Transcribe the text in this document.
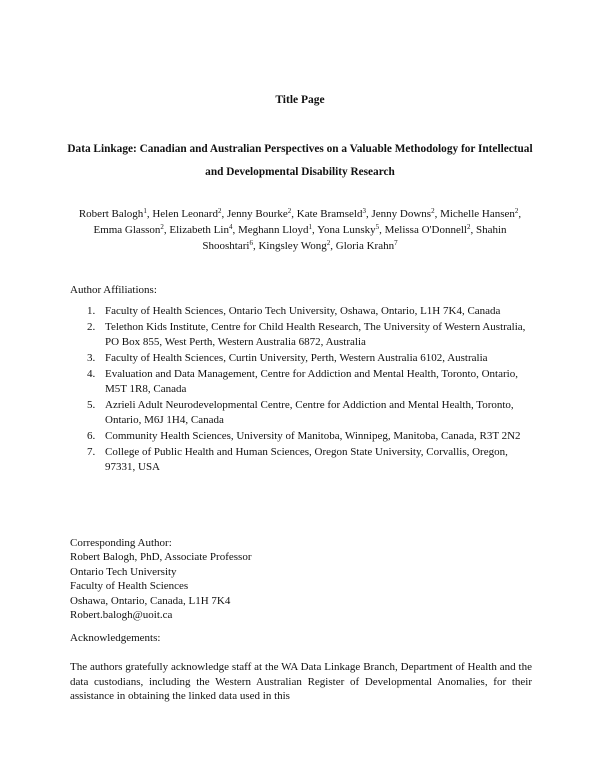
Title Page
Data Linkage: Canadian and Australian Perspectives on a Valuable Methodology for Intellectual and Developmental Disability Research
Robert Balogh$^1$, Helen Leonard$^2$, Jenny Bourke$^2$, Kate Bramseld$^3$, Jenny Downs$^2$, Michelle Hansen$^2$, Emma Glasson$^2$, Elizabeth Lin$^4$, Meghann Lloyd$^1$, Yona Lunsky$^5$, Melissa O'Donnell$^2$, Shahin Shooshtari$^6$, Kingsley Wong$^2$, Gloria Krahn$^7$
Author Affiliations:
1. Faculty of Health Sciences, Ontario Tech University, Oshawa, Ontario, L1H 7K4, Canada
2. Telethon Kids Institute, Centre for Child Health Research, The University of Western Australia, PO Box 855, West Perth, Western Australia 6872, Australia
3. Faculty of Health Sciences, Curtin University, Perth, Western Australia 6102, Australia
4. Evaluation and Data Management, Centre for Addiction and Mental Health, Toronto, Ontario, M5T 1R8, Canada
5. Azrieli Adult Neurodevelopmental Centre, Centre for Addiction and Mental Health, Toronto, Ontario, M6J 1H4, Canada
6. Community Health Sciences, University of Manitoba, Winnipeg, Manitoba, Canada, R3T 2N2
7. College of Public Health and Human Sciences, Oregon State University, Corvallis, Oregon, 97331, USA
Corresponding Author:
Robert Balogh, PhD, Associate Professor
Ontario Tech University
Faculty of Health Sciences
Oshawa, Ontario, Canada, L1H 7K4
Robert.balogh@uoit.ca
Acknowledgements:
The authors gratefully acknowledge staff at the WA Data Linkage Branch, Department of Health and the data custodians, including the Western Australian Register of Developmental Anomalies, for their assistance in obtaining the linked data used in this
